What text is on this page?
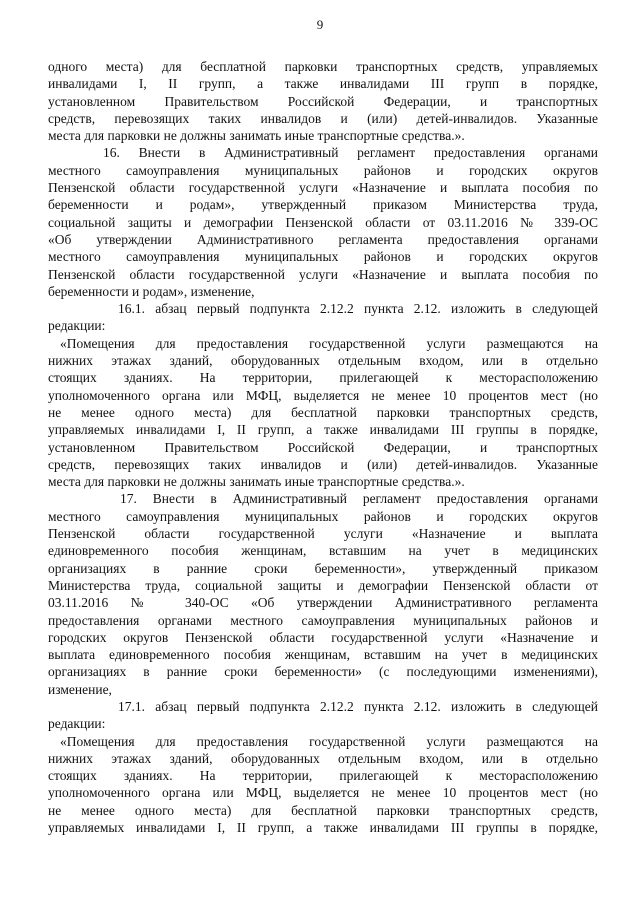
9
одного места) для бесплатной парковки транспортных средств, управляемых
инвалидами I, II групп, а также инвалидами III групп в порядке,
установленном Правительством Российской Федерации, и транспортных
средств, перевозящих таких инвалидов и (или) детей-инвалидов. Указанные
места для парковки не должны занимать иные транспортные средства.».
16. Внести в Административный регламент предоставления органами
местного самоуправления муниципальных районов и городских округов
Пензенской области государственной услуги «Назначение и выплата пособия по
беременности и родам», утвержденный приказом Министерства труда,
социальной защиты и демографии Пензенской области от 03.11.2016 № 339-ОС
«Об утверждении Административного регламента предоставления органами
местного самоуправления муниципальных районов и городских округов
Пензенской области государственной услуги «Назначение и выплата пособия по
беременности и родам», изменение,
16.1. абзац первый подпункта 2.12.2 пункта 2.12. изложить в следующей
редакции:
«Помещения для предоставления государственной услуги размещаются на
нижних этажах зданий, оборудованных отдельным входом, или в отдельно
стоящих зданиях. На территории, прилегающей к месторасположению
уполномоченного органа или МФЦ, выделяется не менее 10 процентов мест (но
не менее одного места) для бесплатной парковки транспортных средств,
управляемых инвалидами I, II групп, а также инвалидами III группы в порядке,
установленном Правительством Российской Федерации, и транспортных
средств, перевозящих таких инвалидов и (или) детей-инвалидов. Указанные
места для парковки не должны занимать иные транспортные средства.».
17. Внести в Административный регламент предоставления органами
местного самоуправления муниципальных районов и городских округов
Пензенской области государственной услуги «Назначение и выплата
единовременного пособия женщинам, вставшим на учет в медицинских
организациях в ранние сроки беременности», утвержденный приказом
Министерства труда, социальной защиты и демографии Пензенской области от
03.11.2016 № 340-ОС «Об утверждении Административного регламента
предоставления органами местного самоуправления муниципальных районов и
городских округов Пензенской области государственной услуги «Назначение и
выплата единовременного пособия женщинам, вставшим на учет в медицинских
организациях в ранние сроки беременности» (с последующими изменениями),
изменение,
17.1. абзац первый подпункта 2.12.2 пункта 2.12. изложить в следующей
редакции:
«Помещения для предоставления государственной услуги размещаются на
нижних этажах зданий, оборудованных отдельным входом, или в отдельно
стоящих зданиях. На территории, прилегающей к месторасположению
уполномоченного органа или МФЦ, выделяется не менее 10 процентов мест (но
не менее одного места) для бесплатной парковки транспортных средств,
управляемых инвалидами I, II групп, а также инвалидами III группы в порядке,
